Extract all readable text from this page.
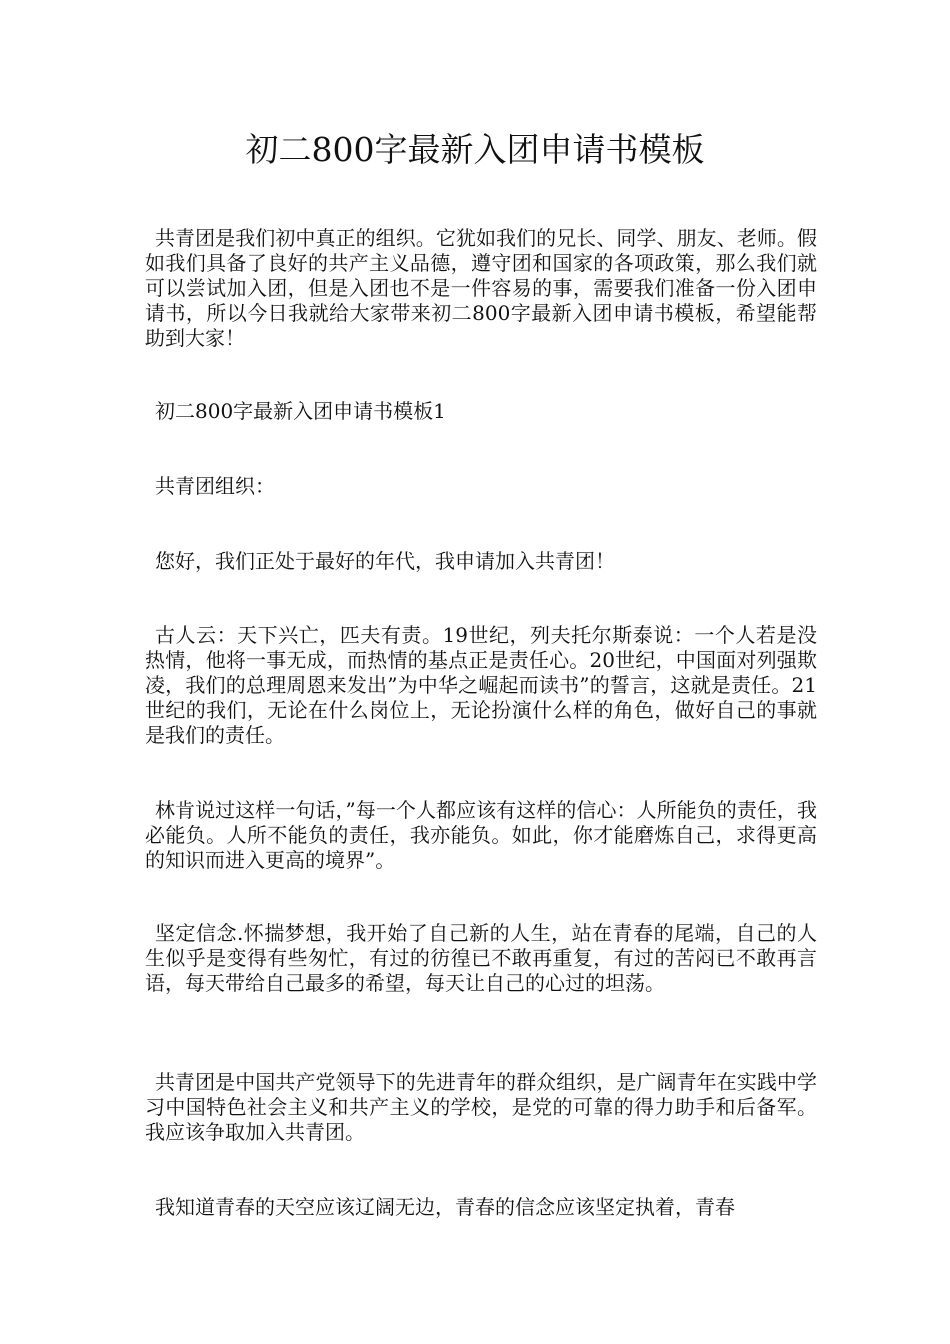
初二800字最新入团申请书模板

共青团是我们初中真正的组织。它犹如我们的兄长、同学、朋友、老师。假如我们具备了良好的共产主义品德，遵守团和国家的各项政策，那么我们就可以尝试加入团，但是入团也不是一件容易的事，需要我们准备一份入团申请书，所以今日我就给大家带来初二800字最新入团申请书模板，希望能帮助到大家！

初二800字最新入团申请书模板1

共青团组织：

您好，我们正处于最好的年代，我申请加入共青团！

古人云：天下兴亡，匹夫有责。19世纪，列夫托尔斯泰说：一个人若是没热情，他将一事无成，而热情的基点正是责任心。20世纪，中国面对列强欺凌，我们的总理周恩来发出”为中华之崛起而读书”的誓言，这就是责任。21世纪的我们，无论在什么岗位上，无论扮演什么样的角色，做好自己的事就是我们的责任。

林肯说过这样一句话，”每一个人都应该有这样的信心：人所能负的责任，我必能负。人所不能负的责任，我亦能负。如此，你才能磨炼自己，求得更高的知识而进入更高的境界”。

坚定信念.怀揣梦想，我开始了自己新的人生，站在青春的尾端，自己的人生似乎是变得有些匆忙，有过的彷徨已不敢再重复，有过的苦闷已不敢再言语，每天带给自己最多的希望，每天让自己的心过的坦荡。

共青团是中国共产党领导下的先进青年的群众组织，是广阔青年在实践中学习中国特色社会主义和共产主义的学校，是党的可靠的得力助手和后备军。我应该争取加入共青团。

我知道青春的天空应该辽阔无边，青春的信念应该坚定执着，青春
